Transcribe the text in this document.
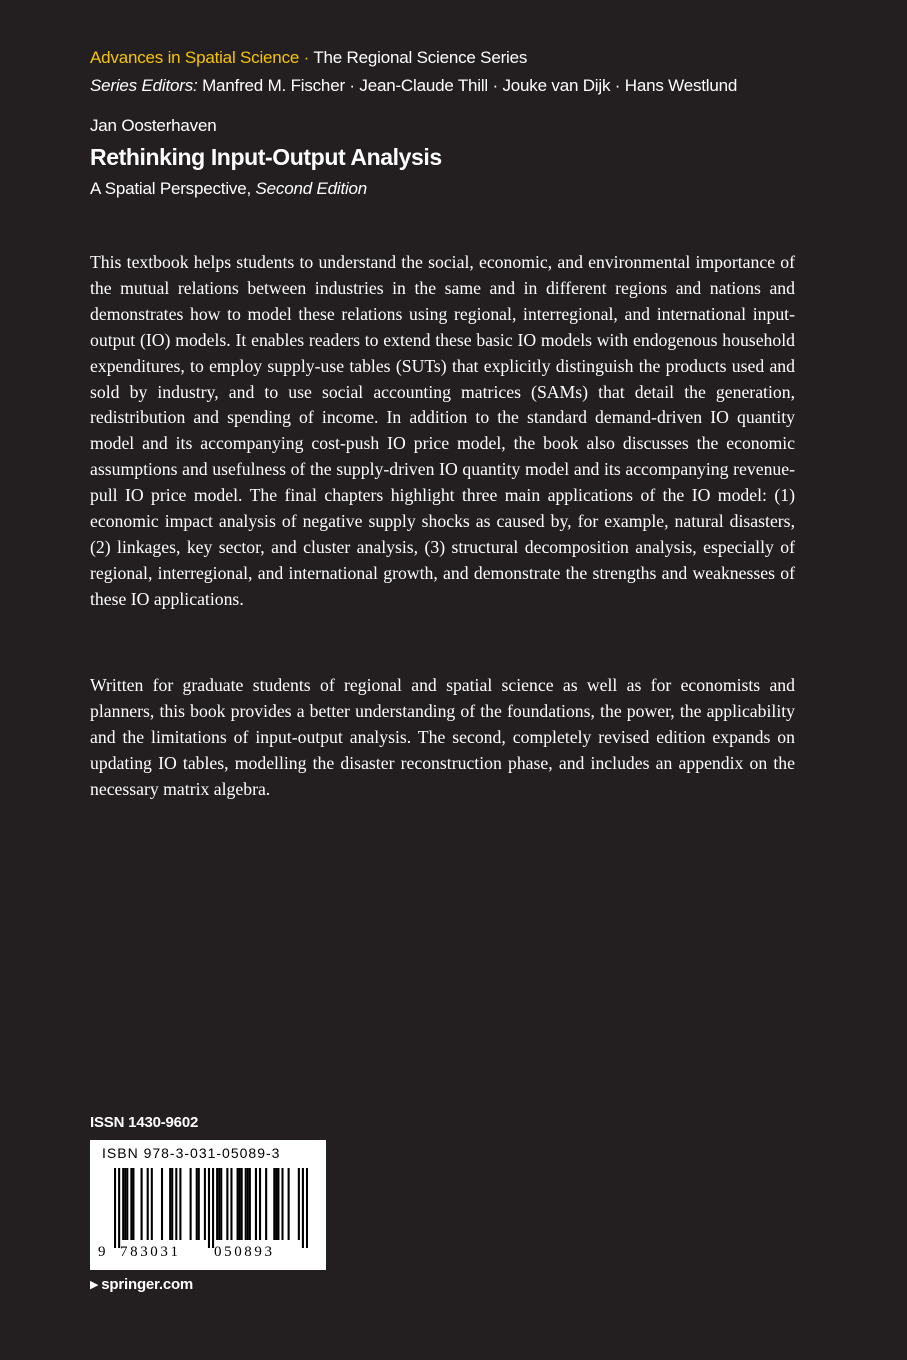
Advances in Spatial Science · The Regional Science Series
Series Editors: Manfred M. Fischer · Jean-Claude Thill · Jouke van Dijk · Hans Westlund
Jan Oosterhaven
Rethinking Input-Output Analysis
A Spatial Perspective, Second Edition

This textbook helps students to understand the social, economic, and environmental importance of the mutual relations between industries in the same and in different regions and nations and demonstrates how to model these relations using regional, interregional, and international input-output (IO) models. It enables readers to extend these basic IO models with endogenous household expenditures, to employ supply-use tables (SUTs) that explicitly distinguish the products used and sold by industry, and to use social accounting matrices (SAMs) that detail the generation, redistribution and spending of income. In addition to the standard demand-driven IO quantity model and its accompanying cost-push IO price model, the book also discusses the economic assumptions and usefulness of the supply-driven IO quantity model and its accompanying revenue-pull IO price model. The final chapters highlight three main applications of the IO model: (1) economic impact analysis of negative supply shocks as caused by, for example, natural disasters, (2) linkages, key sector, and cluster analysis, (3) structural decomposition analysis, especially of regional, interregional, and international growth, and demonstrate the strengths and weaknesses of these IO applications.

Written for graduate students of regional and spatial science as well as for economists and planners, this book provides a better understanding of the foundations, the power, the applicability and the limitations of input-output analysis. The second, completely revised edition expands on updating IO tables, modelling the disaster reconstruction phase, and includes an appendix on the necessary matrix algebra.

ISSN 1430-9602
ISBN 978-3-031-05089-3
9 783031 050893
▶ springer.com
